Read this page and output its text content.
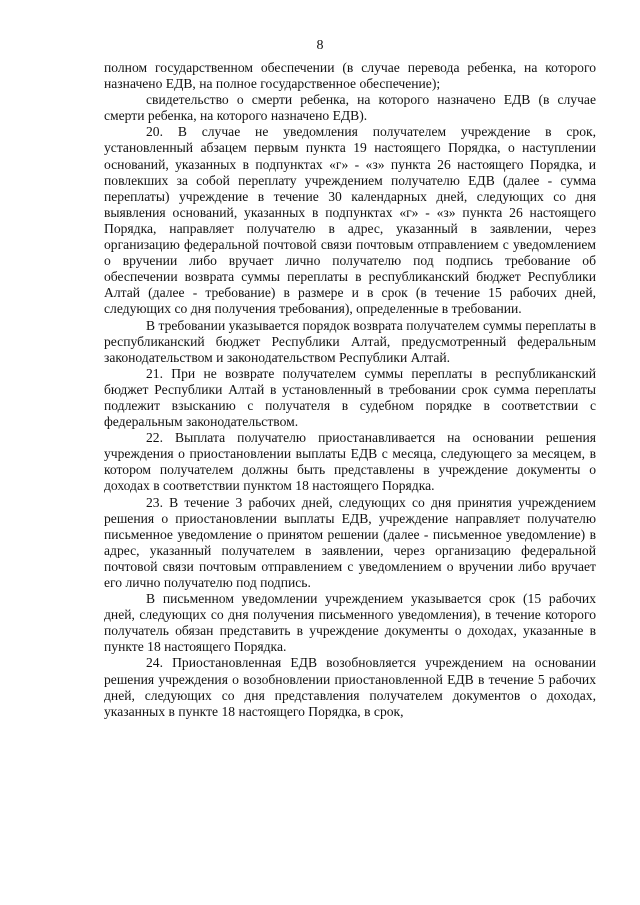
8

полном государственном обеспечении (в случае перевода ребенка, на которого назначено ЕДВ, на полное государственное обеспечение);

свидетельство о смерти ребенка, на которого назначено ЕДВ (в случае смерти ребенка, на которого назначено ЕДВ).

20. В случае не уведомления получателем учреждение в срок, установленный абзацем первым пункта 19 настоящего Порядка, о наступлении оснований, указанных в подпунктах «г» - «з» пункта 26 настоящего Порядка, и повлекших за собой переплату учреждением получателю ЕДВ (далее - сумма переплаты) учреждение в течение 30 календарных дней, следующих со дня выявления оснований, указанных в подпунктах «г» - «з» пункта 26 настоящего Порядка, направляет получателю в адрес, указанный в заявлении, через организацию федеральной почтовой связи почтовым отправлением с уведомлением о вручении либо вручает лично получателю под подпись требование об обеспечении возврата суммы переплаты в республиканский бюджет Республики Алтай (далее - требование) в размере и в срок (в течение 15 рабочих дней, следующих со дня получения требования), определенные в требовании.

В требовании указывается порядок возврата получателем суммы переплаты в республиканский бюджет Республики Алтай, предусмотренный федеральным законодательством и законодательством Республики Алтай.

21. При не возврате получателем суммы переплаты в республиканский бюджет Республики Алтай в установленный в требовании срок сумма переплаты подлежит взысканию с получателя в судебном порядке в соответствии с федеральным законодательством.

22. Выплата получателю приостанавливается на основании решения учреждения о приостановлении выплаты ЕДВ с месяца, следующего за месяцем, в котором получателем должны быть представлены в учреждение документы о доходах в соответствии пунктом 18 настоящего Порядка.

23. В течение 3 рабочих дней, следующих со дня принятия учреждением решения о приостановлении выплаты ЕДВ, учреждение направляет получателю письменное уведомление о принятом решении (далее - письменное уведомление) в адрес, указанный получателем в заявлении, через организацию федеральной почтовой связи почтовым отправлением с уведомлением о вручении либо вручает его лично получателю под подпись.

В письменном уведомлении учреждением указывается срок (15 рабочих дней, следующих со дня получения письменного уведомления), в течение которого получатель обязан представить в учреждение документы о доходах, указанные в пункте 18 настоящего Порядка.

24. Приостановленная ЕДВ возобновляется учреждением на основании решения учреждения о возобновлении приостановленной ЕДВ в течение 5 рабочих дней, следующих со дня представления получателем документов о доходах, указанных в пункте 18 настоящего Порядка, в срок,
